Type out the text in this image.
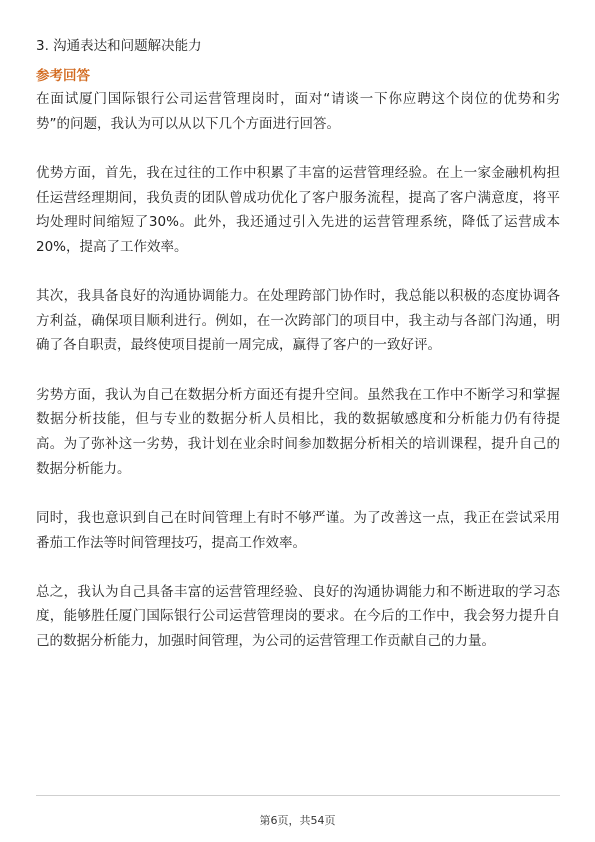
3. 沟通表达和问题解决能力

参考回答

在面试厦门国际银行公司运营管理岗时，面对“请谈一下你应聘这个岗位的优势和劣势”的问题，我认为可以从以下几个方面进行回答。

优势方面，首先，我在过往的工作中积累了丰富的运营管理经验。在上一家金融机构担任运营经理期间，我负责的团队曾成功优化了客户服务流程，提高了客户满意度，将平均处理时间缩短了30%。此外，我还通过引入先进的运营管理系统，降低了运营成本20%，提高了工作效率。

其次，我具备良好的沟通协调能力。在处理跨部门协作时，我总能以积极的态度协调各方利益，确保项目顺利进行。例如，在一次跨部门的项目中，我主动与各部门沟通，明确了各自职责，最终使项目提前一周完成，赢得了客户的一致好评。

劣势方面，我认为自己在数据分析方面还有提升空间。虽然我在工作中不断学习和掌握数据分析技能，但与专业的数据分析人员相比，我的数据敏感度和分析能力仍有待提高。为了弥补这一劣势，我计划在业余时间参加数据分析相关的培训课程，提升自己的数据分析能力。

同时，我也意识到自己在时间管理上有时不够严谨。为了改善这一点，我正在尝试采用番茄工作法等时间管理技巧，提高工作效率。

总之，我认为自己具备丰富的运营管理经验、良好的沟通协调能力和不断进取的学习态度，能够胜任厦门国际银行公司运营管理岗的要求。在今后的工作中，我会努力提升自己的数据分析能力，加强时间管理，为公司的运营管理工作贡献自己的力量。

第6页，共54页
